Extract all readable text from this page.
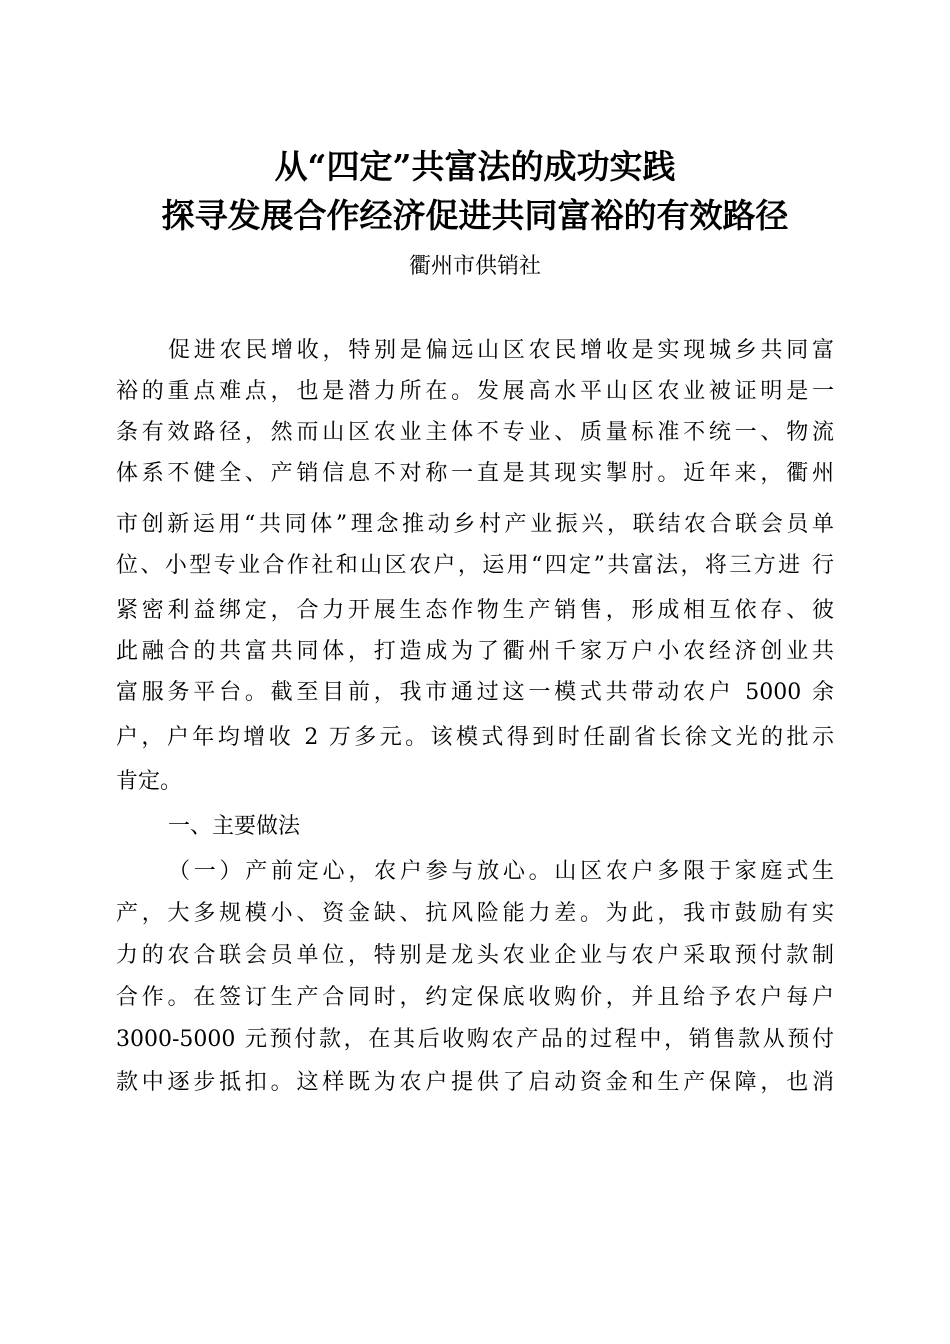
从“四定”共富法的成功实践
探寻发展合作经济促进共同富裕的有效路径
衢州市供销社
促进农民增收，特别是偏远山区农民增收是实现城乡共同富
裕的重点难点，也是潜力所在。发展高水平山区农业被证明是一
条有效路径，然而山区农业主体不专业、质量标准不统一、物流
体系不健全、产销信息不对称一直是其现实掣肘。近年来，衢州
市创新运用“共同体”理念推动乡村产业振兴，联结农合联会员单
位、小型专业合作社和山区农户，运用“四定”共富法，将三方进 行
紧密利益绑定，合力开展生态作物生产销售，形成相互依存、彼
此融合的共富共同体，打造成为了衢州千家万户小农经济创业共
富服务平台。截至目前，我市通过这一模式共带动农户 5000 余
户，户年均增收 2 万多元。该模式得到时任副省长徐文光的批示
肯定。
一、主要做法
（一）产前定心，农户参与放心。山区农户多限于家庭式生
产，大多规模小、资金缺、抗风险能力差。为此，我市鼓励有实
力的农合联会员单位，特别是龙头农业企业与农户采取预付款制
合作。在签订生产合同时，约定保底收购价，并且给予农户每户
3000-5000 元预付款，在其后收购农产品的过程中，销售款从预付
款中逐步抵扣。这样既为农户提供了启动资金和生产保障，也消
